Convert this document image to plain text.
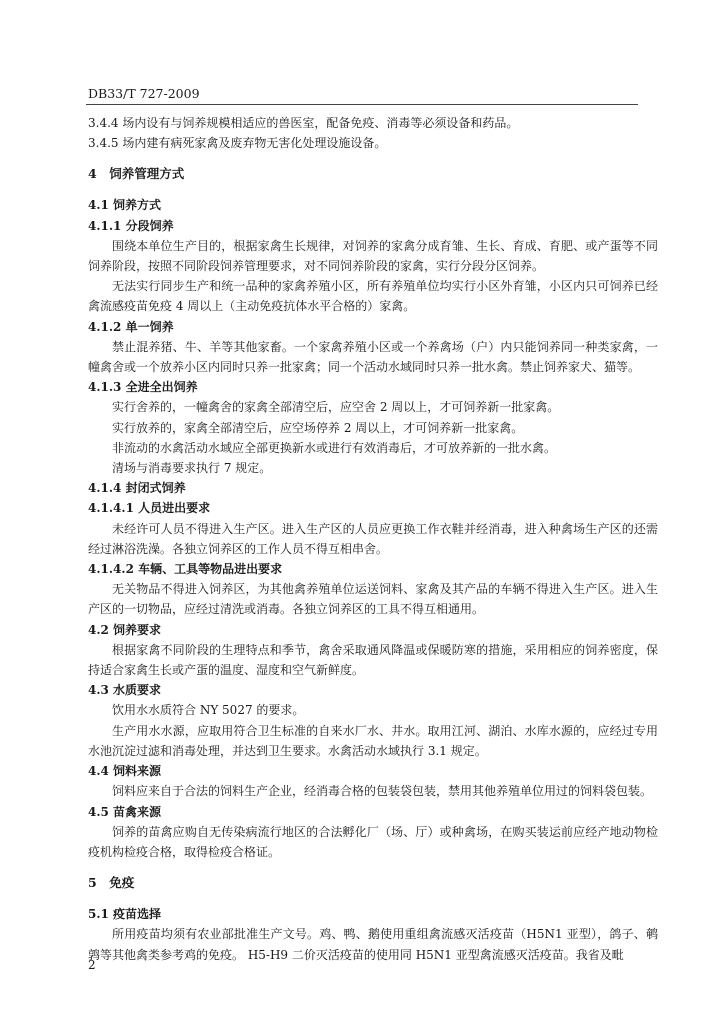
DB33/T 727-2009

3.4.4 场内设有与饲养规模相适应的兽医室，配备免疫、消毒等必须设备和药品。

3.4.5 场内建有病死家禽及废弃物无害化处理设施设备。

4　饲养管理方式

4.1 饲养方式

4.1.1 分段饲养

围绕本单位生产目的，根据家禽生长规律，对饲养的家禽分成育雏、生长、育成、育肥、或产蛋等不同饲养阶段，按照不同阶段饲养管理要求，对不同饲养阶段的家禽，实行分段分区饲养。

无法实行同步生产和统一品种的家禽养殖小区，所有养殖单位均实行小区外育雏，小区内只可饲养已经禽流感疫苗免疫 4 周以上（主动免疫抗体水平合格的）家禽。

4.1.2 单一饲养

禁止混养猪、牛、羊等其他家畜。一个家禽养殖小区或一个养禽场（户）内只能饲养同一种类家禽，一幢禽舍或一个放养小区内同时只养一批家禽；同一个活动水域同时只养一批水禽。禁止饲养家犬、猫等。

4.1.3 全进全出饲养

实行舍养的，一幢禽舍的家禽全部清空后，应空舍 2 周以上，才可饲养新一批家禽。

实行放养的，家禽全部清空后，应空场停养 2 周以上，才可饲养新一批家禽。

非流动的水禽活动水域应全部更换新水或进行有效消毒后，才可放养新的一批水禽。

清场与消毒要求执行 7 规定。

4.1.4 封闭式饲养

4.1.4.1 人员进出要求

未经许可人员不得进入生产区。进入生产区的人员应更换工作衣鞋并经消毒，进入种禽场生产区的还需经过淋浴洗澡。各独立饲养区的工作人员不得互相串舍。

4.1.4.2 车辆、工具等物品进出要求

无关物品不得进入饲养区，为其他禽养殖单位运送饲料、家禽及其产品的车辆不得进入生产区。进入生产区的一切物品，应经过清洗或消毒。各独立饲养区的工具不得互相通用。

4.2 饲养要求

根据家禽不同阶段的生理特点和季节，禽舍采取通风降温或保暖防寒的措施，采用相应的饲养密度，保持适合家禽生长或产蛋的温度、湿度和空气新鲜度。

4.3 水质要求

饮用水水质符合 NY 5027 的要求。

生产用水水源，应取用符合卫生标准的自来水厂水、井水。取用江河、湖泊、水库水源的，应经过专用水池沉淀过滤和消毒处理，并达到卫生要求。水禽活动水域执行 3.1 规定。

4.4 饲料来源

饲料应来自于合法的饲料生产企业，经消毒合格的包装袋包装，禁用其他养殖单位用过的饲料袋包装。

4.5 苗禽来源

饲养的苗禽应购自无传染病流行地区的合法孵化厂（场、厅）或种禽场，在购买装运前应经产地动物检疫机构检疫合格，取得检疫合格证。

5　免疫

5.1 疫苗选择

所用疫苗均须有农业部批准生产文号。鸡、鸭、鹅使用重组禽流感灭活疫苗（H5N1 亚型），鸽子、鹌鹑等其他禽类参考鸡的免疫。 H5-H9 二价灭活疫苗的使用同 H5N1 亚型禽流感灭活疫苗。我省及毗

2
